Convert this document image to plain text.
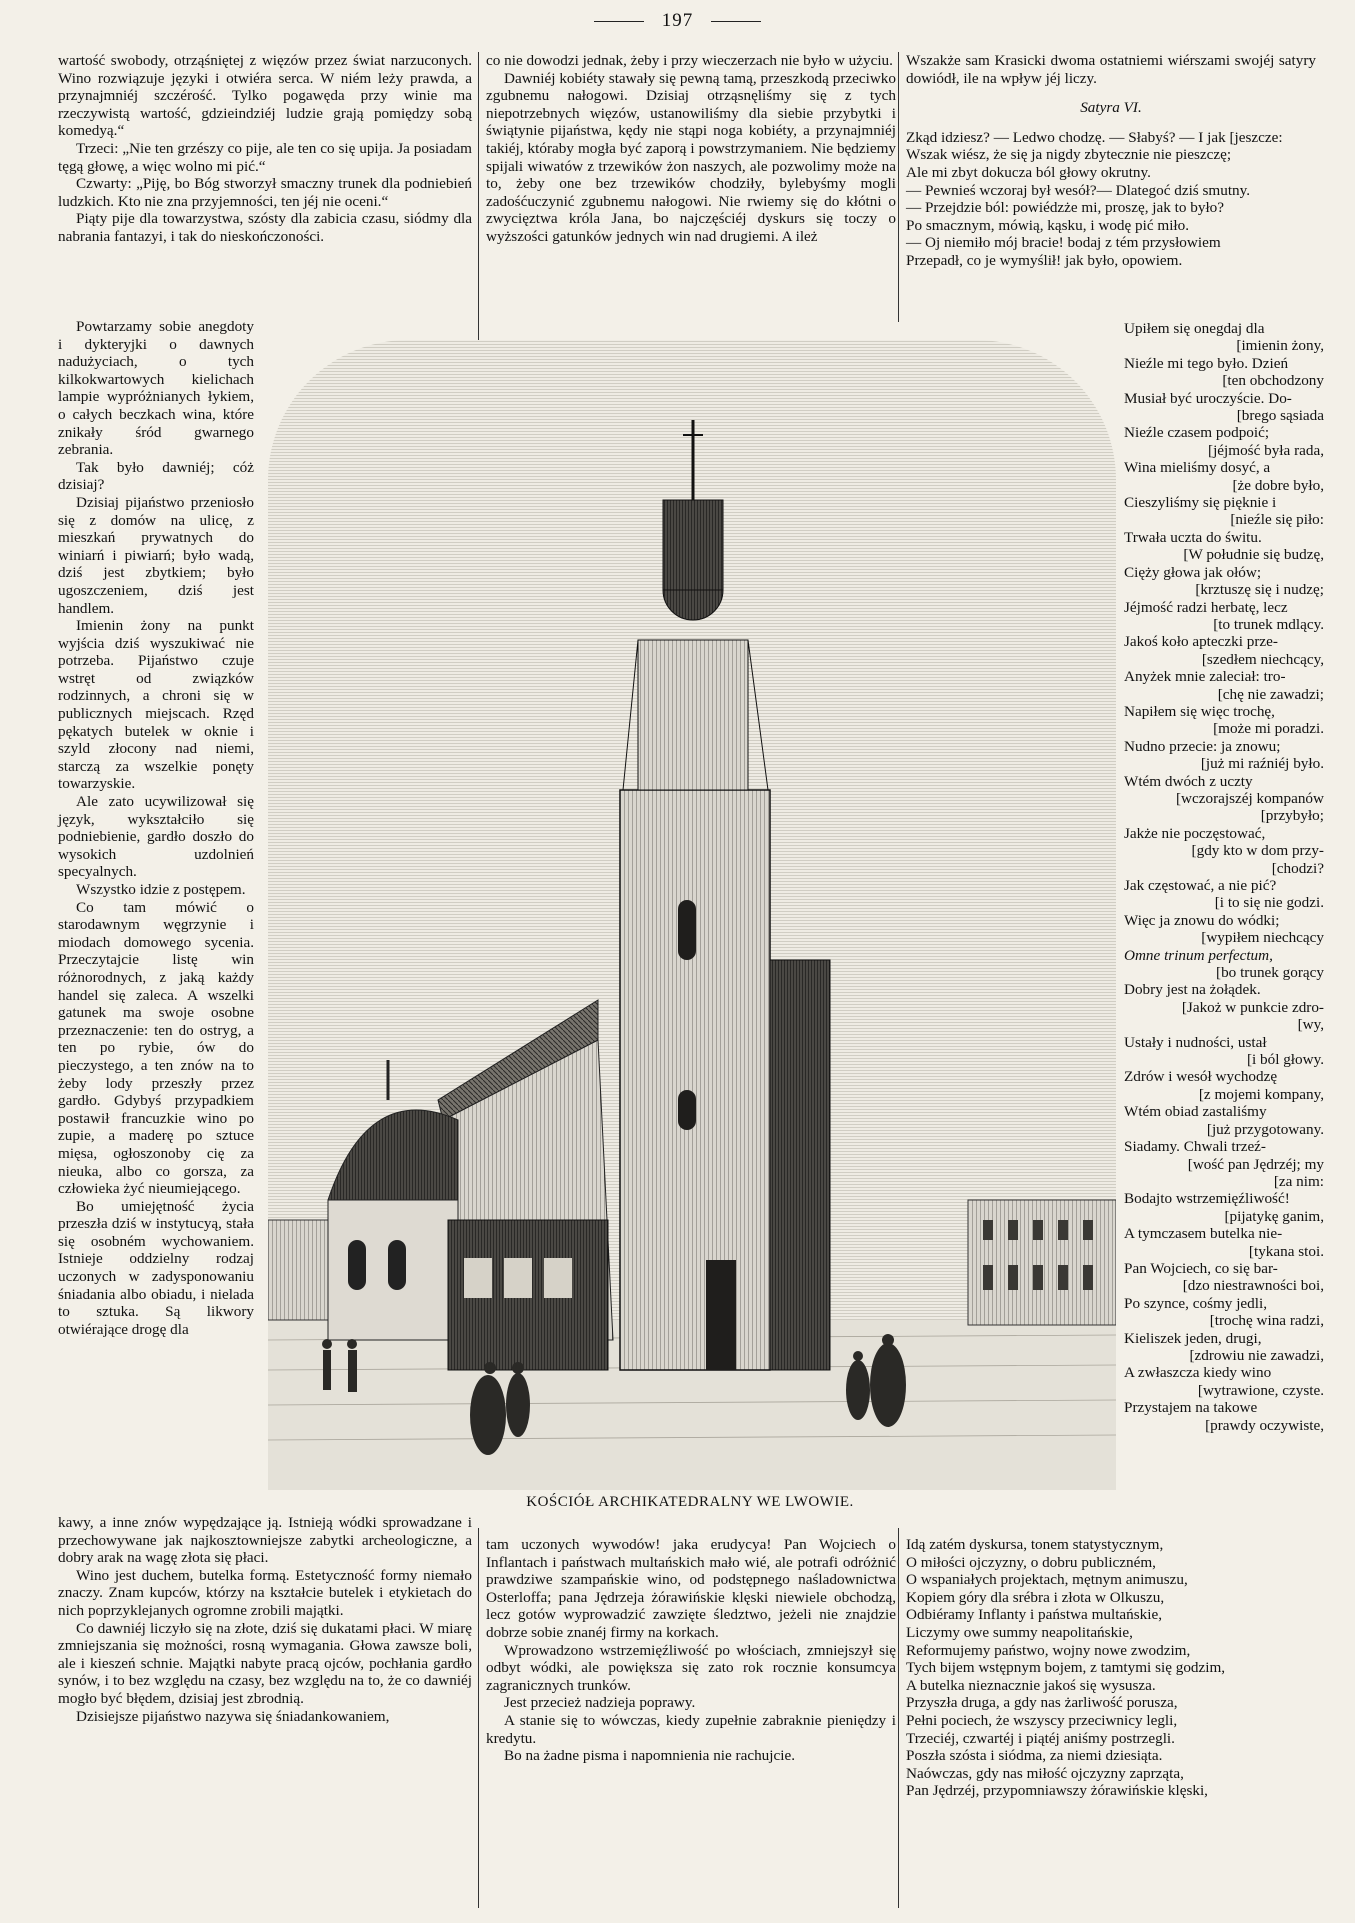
197

wartość swobody, otrząśniętej z więzów przez świat narzuconych. Wino rozwiązuje języki i otwiéra serca. W niém leży prawda, a przynajmniéj szczérość. Tylko pogawęda przy winie ma rzeczywistą wartość, gdzieindziéj ludzie grają pomiędzy sobą komedyą.“

Trzeci: „Nie ten grzészy co pije, ale ten co się upija. Ja posiadam tęgą głowę, a więc wolno mi pić.“

Czwarty: „Piję, bo Bóg stworzył smaczny trunek dla podniebień ludzkich. Kto nie zna przyjemności, ten jéj nie oceni.“

Piąty pije dla towarzystwa, szósty dla zabicia czasu, siódmy dla nabrania fantazyi, i tak do nieskończoności.

Powtarzamy sobie anegdoty i dykteryjki o dawnych nadużyciach, o tych kilkokwartowych kielichach lampie wypróżnianych łykiem, o całych beczkach wina, które znikały śród gwarnego zebrania.

Tak było dawniéj; cóż dzisiaj?

Dzisiaj pijaństwo przeniosło się z domów na ulicę, z mieszkań prywatnych do winiarń i piwiarń; było wadą, dziś jest zbytkiem; było ugoszczeniem, dziś jest handlem.

Imienin żony na punkt wyjścia dziś wyszukiwać nie potrzeba. Pijaństwo czuje wstręt od związków rodzinnych, a chroni się w publicznych miejscach. Rzęd pękatych butelek w oknie i szyld złocony nad niemi, starczą za wszelkie ponęty towarzyskie.

Ale zato ucywilizował się język, wykształciło się podniebienie, gardło doszło do wysokich uzdolnień specyalnych.

Wszystko idzie z postępem.

Co tam mówić o starodawnym węgrzynie i miodach domowego sycenia. Przeczytajcie listę win różnorodnych, z jaką każdy handel się zaleca. A wszelki gatunek ma swoje osobne przeznaczenie: ten do ostryg, a ten po rybie, ów do pieczystego, a ten znów na to żeby lody przeszły przez gardło. Gdybyś przypadkiem postawił francuzkie wino po zupie, a maderę po sztuce mięsa, ogłoszonoby cię za nieuka, albo co gorsza, za człowieka żyć nieumiejącego.

Bo umiejętność życia przeszła dziś w instytucyą, stała się osobném wychowaniem. Istnieje oddzielny rodzaj uczonych w zadysponowaniu śniadania albo obiadu, i nielada to sztuka. Są likwory otwiérające drogę dla

kawy, a inne znów wypędzające ją. Istnieją wódki sprowadzane i przechowywane jak najkosztowniejsze zabytki archeologiczne, a dobry arak na wagę złota się płaci.

Wino jest duchem, butelka formą. Estetyczność formy niemało znaczy. Znam kupców, którzy na kształcie butelek i etykietach do nich poprzyklejanych ogromne zrobili majątki.

Co dawniéj liczyło się na złote, dziś się dukatami płaci. W miarę zmniejszania się możności, rosną wymagania. Głowa zawsze boli, ale i kieszeń schnie. Majątki nabyte pracą ojców, pochłania gardło synów, i to bez względu na czasy, bez względu na to, że co dawniéj mogło być błędem, dzisiaj jest zbrodnią.

Dzisiejsze pijaństwo nazywa się śniadankowaniem,

co nie dowodzi jednak, żeby i przy wieczerzach nie było w użyciu.

Dawniéj kobiéty stawały się pewną tamą, przeszkodą przeciwko zgubnemu nałogowi. Dzisiaj otrząsnęliśmy się z tych niepotrzebnych więzów, ustanowiliśmy dla siebie przybytki i świątynie pijaństwa, kędy nie stąpi noga kobiéty, a przynajmniéj takiéj, któraby mogła być zaporą i powstrzymaniem. Nie będziemy spijali wiwatów z trzewików żon naszych, ale pozwolimy może na to, żeby one bez trzewików chodziły, bylebyśmy mogli zadośćuczynić zgubnemu nałogowi. Nie rwiemy się do kłótni o zwycięztwa króla Jana, bo najczęściéj dyskurs się toczy o wyższości gatunków jednych win nad drugiemi. A ileż

tam uczonych wywodów! jaka erudycya! Pan Wojciech o Inflantach i państwach multańskich mało wié, ale potrafi odróżnić prawdziwe szampańskie wino, od podstępnego naśladownictwa Osterloffa; pana Jędrzeja żórawińskie klęski niewiele obchodzą, lecz gotów wyprowadzić zawzięte śledztwo, jeżeli nie znajdzie dobrze sobie znanéj firmy na korkach.

Wprowadzono wstrzemięźliwość po włościach, zmniejszył się odbyt wódki, ale powiększa się zato rok rocznie konsumcya zagranicznych trunków.

Jest przecież nadzieja poprawy.

A stanie się to wówczas, kiedy zupełnie zabraknie pieniędzy i kredytu.

Bo na żadne pisma i napomnienia nie rachujcie.

Wszakże sam Krasicki dwoma ostatniemi wiérszami swojéj satyry dowiódł, ile na wpływ jéj liczy.

Satyra VI.

Zkąd idziesz? — Ledwo chodzę. — Słabyś? — I jak [jeszcze:
Wszak wiész, że się ja nigdy zbytecznie nie pieszczę;
Ale mi zbyt dokucza ból głowy okrutny.
— Pewnieś wczoraj był wesół?— Dlategoć dziś smutny.
— Przejdzie ból: powiédzże mi, proszę, jak to było?
Po smacznym, mówią, kąsku, i wodę pić miło.
— Oj niemiło mój bracie! bodaj z tém przysłowiem
Przepadł, co je wymyślił! jak było, opowiem.
Upiłem się onegdaj dla
[imienin żony,
Nieźle mi tego było. Dzień
[ten obchodzony
Musiał być uroczyście. Do-
[brego sąsiada
Nieźle czasem podpoić;
[jéjmość była rada,
Wina mieliśmy dosyć, a
[że dobre było,
Cieszyliśmy się pięknie i
[nieźle się piło:
Trwała uczta do świtu.
[W południe się budzę,
Cięży głowa jak ołów;
[krztuszę się i nudzę;
Jéjmość radzi herbatę, lecz
[to trunek mdlący.
Jakoś koło apteczki prze-
[szedłem niechcący,
Anyżek mnie zaleciał: tro-
[chę nie zawadzi;
Napiłem się więc trochę,
[może mi poradzi.
Nudno przecie: ja znowu;
[już mi raźniéj było.
Wtém dwóch z uczty
[wczorajszéj kompanów
[przybyło;
Jakże nie poczęstować,
[gdy kto w dom przy-
[chodzi?
Jak częstować, a nie pić?
[i to się nie godzi.
Więc ja znowu do wódki;
[wypiłem niechcący
Omne trinum perfectum,
[bo trunek gorący
Dobry jest na żołądek.
[Jakoż w punkcie zdro-
[wy,
Ustały i nudności, ustał
[i ból głowy.
Zdrów i wesół wychodzę
[z mojemi kompany,
Wtém obiad zastaliśmy
[już przygotowany.
Siadamy. Chwali trzeź-
[wość pan Jędrzéj; my
[za nim:
Bodajto wstrzemięźliwość!
[pijatykę ganim,
A tymczasem butelka nie-
[tykana stoi.
Pan Wojciech, co się bar-
[dzo niestrawności boi,
Po szynce, cośmy jedli,
[trochę wina radzi,
Kieliszek jeden, drugi,
[zdrowiu nie zawadzi,
A zwłaszcza kiedy wino
[wytrawione, czyste.
Przystajem na takowe
[prawdy oczywiste,
Idą zatém dyskursa, tonem statystycznym,
O miłości ojczyzny, o dobru publiczném,
O wspaniałych projektach, mętnym animuszu,
Kopiem góry dla srébra i złota w Olkuszu,
Odbiéramy Inflanty i państwa multańskie,
Liczymy owe summy neapolitańskie,
Reformujemy państwo, wojny nowe zwodzim,
Tych bijem wstępnym bojem, z tamtymi się godzim,
A butelka nieznacznie jakoś się wysusza.
Przyszła druga, a gdy nas żarliwość porusza,
Pełni pociech, że wszyscy przeciwnicy legli,
Trzeciéj, czwartéj i piątéj aniśmy postrzegli.
Poszła szósta i siódma, za niemi dziesiąta.
Naówczas, gdy nas miłość ojczyzny zaprząta,
Pan Jędrzéj, przypomniawszy żórawińskie klęski,
KOŚCIÓŁ ARCHIKATEDRALNY WE LWOWIE.
